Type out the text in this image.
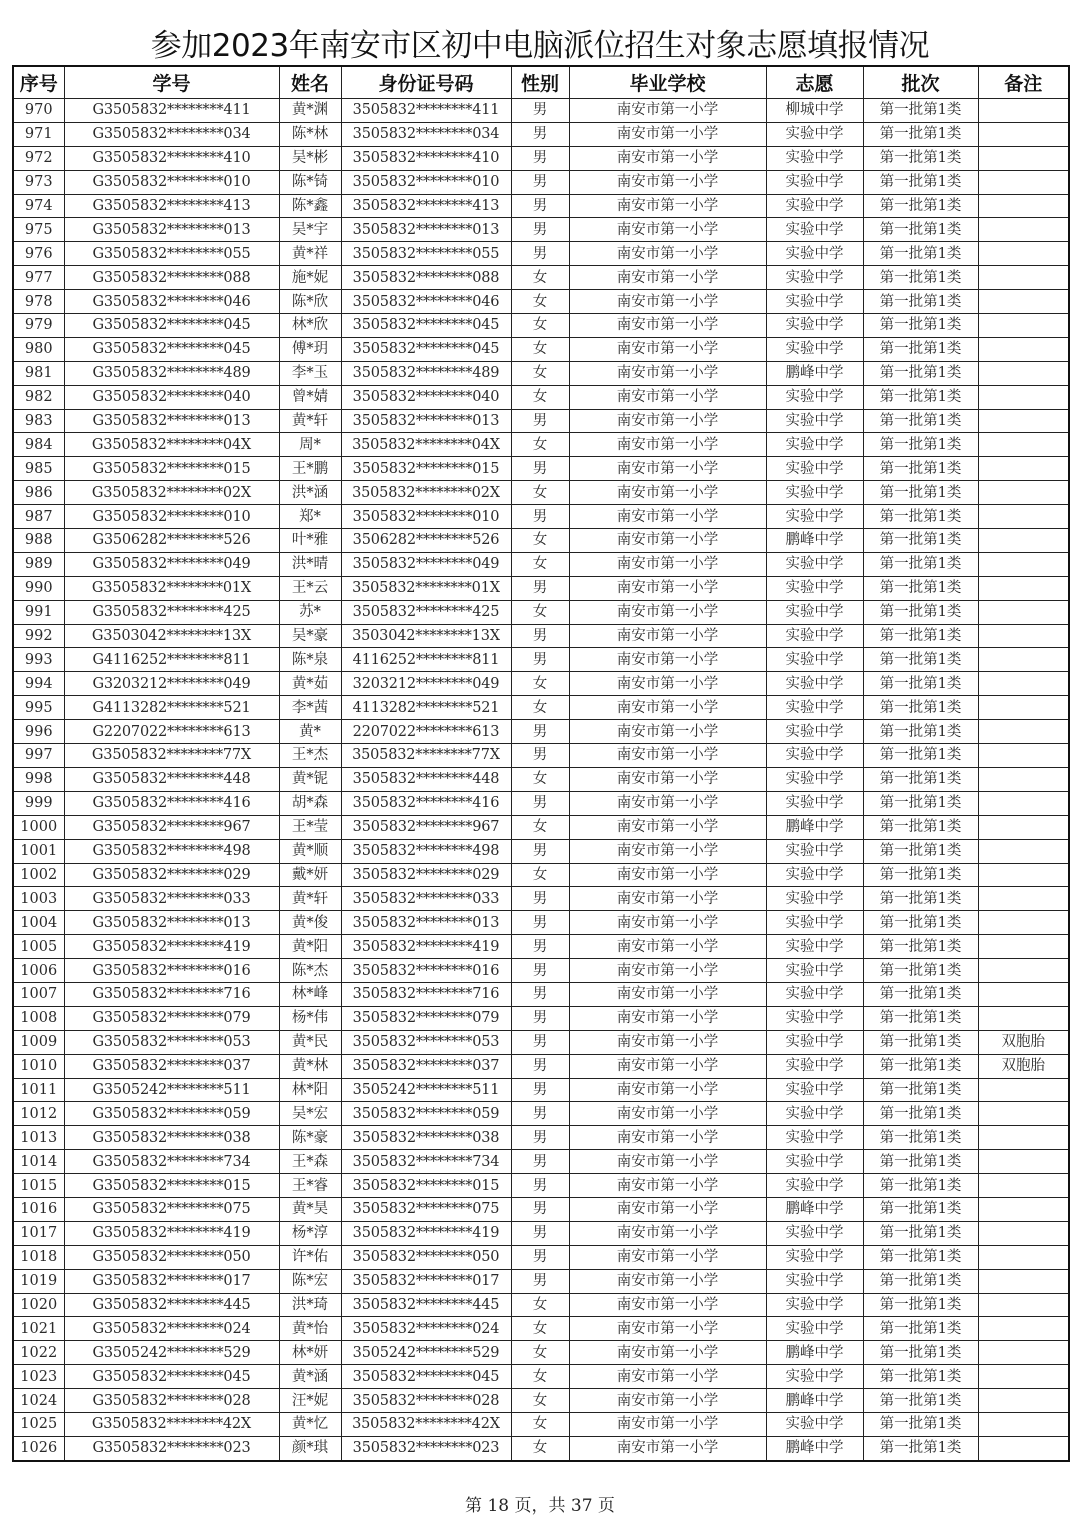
参加2023年南安市区初中电脑派位招生对象志愿填报情况
序号	学号	姓名	身份证号码	性别	毕业学校	志愿	批次	备注
970	G3505832********411	黄*渊	3505832********411	男	南安市第一小学	柳城中学	第一批第1类	
971	G3505832********034	陈*林	3505832********034	男	南安市第一小学	实验中学	第一批第1类	
972	G3505832********410	吴*彬	3505832********410	男	南安市第一小学	实验中学	第一批第1类	
973	G3505832********010	陈*锜	3505832********010	男	南安市第一小学	实验中学	第一批第1类	
974	G3505832********413	陈*鑫	3505832********413	男	南安市第一小学	实验中学	第一批第1类	
975	G3505832********013	吴*宇	3505832********013	男	南安市第一小学	实验中学	第一批第1类	
976	G3505832********055	黄*祥	3505832********055	男	南安市第一小学	实验中学	第一批第1类	
977	G3505832********088	施*妮	3505832********088	女	南安市第一小学	实验中学	第一批第1类	
978	G3505832********046	陈*欣	3505832********046	女	南安市第一小学	实验中学	第一批第1类	
979	G3505832********045	林*欣	3505832********045	女	南安市第一小学	实验中学	第一批第1类	
980	G3505832********045	傅*玥	3505832********045	女	南安市第一小学	实验中学	第一批第1类	
981	G3505832********489	李*玉	3505832********489	女	南安市第一小学	鹏峰中学	第一批第1类	
982	G3505832********040	曾*婧	3505832********040	女	南安市第一小学	实验中学	第一批第1类	
983	G3505832********013	黄*轩	3505832********013	男	南安市第一小学	实验中学	第一批第1类	
984	G3505832********04X	周*	3505832********04X	女	南安市第一小学	实验中学	第一批第1类	
985	G3505832********015	王*鹏	3505832********015	男	南安市第一小学	实验中学	第一批第1类	
986	G3505832********02X	洪*涵	3505832********02X	女	南安市第一小学	实验中学	第一批第1类	
987	G3505832********010	郑*	3505832********010	男	南安市第一小学	实验中学	第一批第1类	
988	G3506282********526	叶*雅	3506282********526	女	南安市第一小学	鹏峰中学	第一批第1类	
989	G3505832********049	洪*晴	3505832********049	女	南安市第一小学	实验中学	第一批第1类	
990	G3505832********01X	王*云	3505832********01X	男	南安市第一小学	实验中学	第一批第1类	
991	G3505832********425	苏*	3505832********425	女	南安市第一小学	实验中学	第一批第1类	
992	G3503042********13X	吴*豪	3503042********13X	男	南安市第一小学	实验中学	第一批第1类	
993	G4116252********811	陈*泉	4116252********811	男	南安市第一小学	实验中学	第一批第1类	
994	G3203212********049	黄*茹	3203212********049	女	南安市第一小学	实验中学	第一批第1类	
995	G4113282********521	李*茜	4113282********521	女	南安市第一小学	实验中学	第一批第1类	
996	G2207022********613	黄*	2207022********613	男	南安市第一小学	实验中学	第一批第1类	
997	G3505832********77X	王*杰	3505832********77X	男	南安市第一小学	实验中学	第一批第1类	
998	G3505832********448	黄*铌	3505832********448	女	南安市第一小学	实验中学	第一批第1类	
999	G3505832********416	胡*森	3505832********416	男	南安市第一小学	实验中学	第一批第1类	
1000	G3505832********967	王*莹	3505832********967	女	南安市第一小学	鹏峰中学	第一批第1类	
1001	G3505832********498	黄*顺	3505832********498	男	南安市第一小学	实验中学	第一批第1类	
1002	G3505832********029	戴*妍	3505832********029	女	南安市第一小学	实验中学	第一批第1类	
1003	G3505832********033	黄*轩	3505832********033	男	南安市第一小学	实验中学	第一批第1类	
1004	G3505832********013	黄*俊	3505832********013	男	南安市第一小学	实验中学	第一批第1类	
1005	G3505832********419	黄*阳	3505832********419	男	南安市第一小学	实验中学	第一批第1类	
1006	G3505832********016	陈*杰	3505832********016	男	南安市第一小学	实验中学	第一批第1类	
1007	G3505832********716	林*峰	3505832********716	男	南安市第一小学	实验中学	第一批第1类	
1008	G3505832********079	杨*伟	3505832********079	男	南安市第一小学	实验中学	第一批第1类	
1009	G3505832********053	黄*民	3505832********053	男	南安市第一小学	实验中学	第一批第1类	双胞胎
1010	G3505832********037	黄*林	3505832********037	男	南安市第一小学	实验中学	第一批第1类	双胞胎
1011	G3505242********511	林*阳	3505242********511	男	南安市第一小学	实验中学	第一批第1类	
1012	G3505832********059	吴*宏	3505832********059	男	南安市第一小学	实验中学	第一批第1类	
1013	G3505832********038	陈*豪	3505832********038	男	南安市第一小学	实验中学	第一批第1类	
1014	G3505832********734	王*森	3505832********734	男	南安市第一小学	实验中学	第一批第1类	
1015	G3505832********015	王*睿	3505832********015	男	南安市第一小学	实验中学	第一批第1类	
1016	G3505832********075	黄*昊	3505832********075	男	南安市第一小学	鹏峰中学	第一批第1类	
1017	G3505832********419	杨*淳	3505832********419	男	南安市第一小学	实验中学	第一批第1类	
1018	G3505832********050	许*佑	3505832********050	男	南安市第一小学	实验中学	第一批第1类	
1019	G3505832********017	陈*宏	3505832********017	男	南安市第一小学	实验中学	第一批第1类	
1020	G3505832********445	洪*琦	3505832********445	女	南安市第一小学	实验中学	第一批第1类	
1021	G3505832********024	黄*怡	3505832********024	女	南安市第一小学	实验中学	第一批第1类	
1022	G3505242********529	林*妍	3505242********529	女	南安市第一小学	鹏峰中学	第一批第1类	
1023	G3505832********045	黄*涵	3505832********045	女	南安市第一小学	实验中学	第一批第1类	
1024	G3505832********028	汪*妮	3505832********028	女	南安市第一小学	鹏峰中学	第一批第1类	
1025	G3505832********42X	黄*忆	3505832********42X	女	南安市第一小学	实验中学	第一批第1类	
1026	G3505832********023	颜*琪	3505832********023	女	南安市第一小学	鹏峰中学	第一批第1类	
第 18 页，共 37 页
